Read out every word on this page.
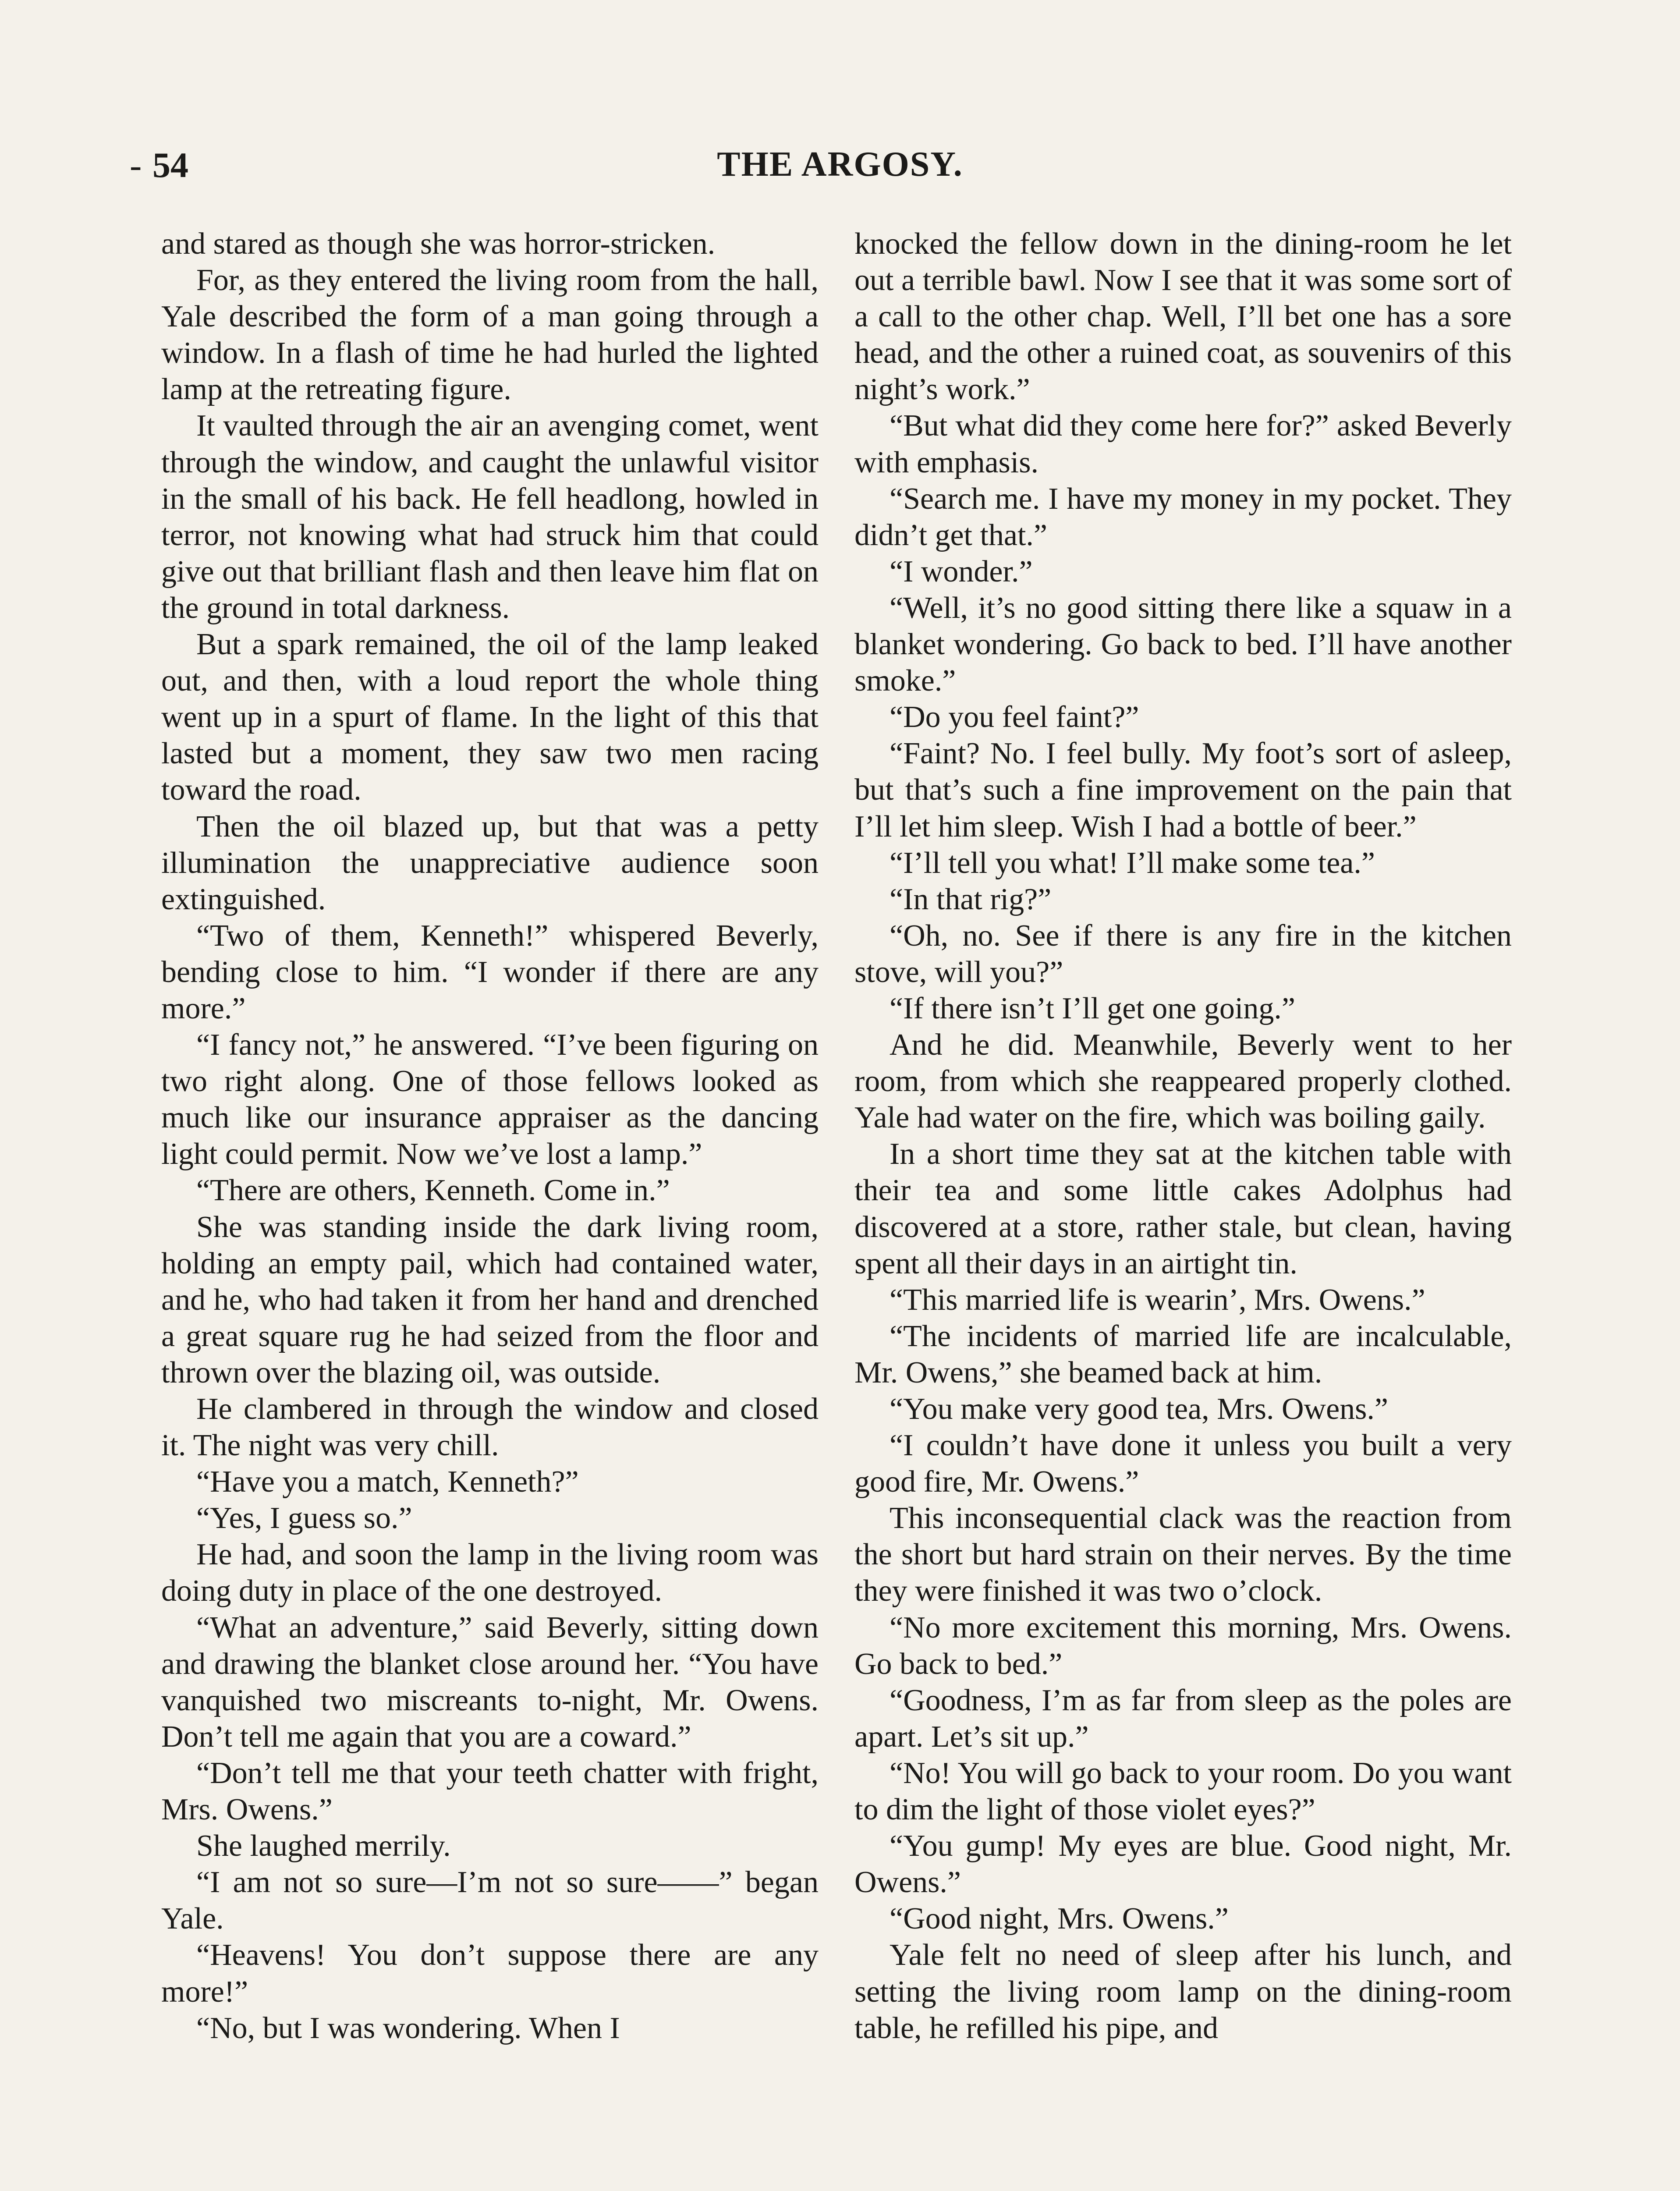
- 54	THE ARGOSY.

and stared as though she was horror-stricken.

For, as they entered the living room from the hall, Yale described the form of a man going through a window. In a flash of time he had hurled the lighted lamp at the retreating figure.

It vaulted through the air an avenging comet, went through the window, and caught the unlawful visitor in the small of his back. He fell headlong, howled in terror, not knowing what had struck him that could give out that brilliant flash and then leave him flat on the ground in total darkness.

But a spark remained, the oil of the lamp leaked out, and then, with a loud report the whole thing went up in a spurt of flame. In the light of this that lasted but a moment, they saw two men racing toward the road.

Then the oil blazed up, but that was a petty illumination the unappreciative audience soon extinguished.

“Two of them, Kenneth!” whispered Beverly, bending close to him. “I wonder if there are any more.”

“I fancy not,” he answered. “I’ve been figuring on two right along. One of those fellows looked as much like our insurance appraiser as the dancing light could permit. Now we’ve lost a lamp.”

“There are others, Kenneth. Come in.”

She was standing inside the dark living room, holding an empty pail, which had contained water, and he, who had taken it from her hand and drenched a great square rug he had seized from the floor and thrown over the blazing oil, was outside.

He clambered in through the window and closed it. The night was very chill.

“Have you a match, Kenneth?”

“Yes, I guess so.”

He had, and soon the lamp in the living room was doing duty in place of the one destroyed.

“What an adventure,” said Beverly, sitting down and drawing the blanket close around her. “You have vanquished two miscreants to-night, Mr. Owens. Don’t tell me again that you are a coward.”

“Don’t tell me that your teeth chatter with fright, Mrs. Owens.”

She laughed merrily.

“I am not so sure—I’m not so sure——” began Yale.

“Heavens! You don’t suppose there are any more!”

“No, but I was wondering. When I

knocked the fellow down in the dining-room he let out a terrible bawl. Now I see that it was some sort of a call to the other chap. Well, I’ll bet one has a sore head, and the other a ruined coat, as souvenirs of this night’s work.”

“But what did they come here for?” asked Beverly with emphasis.

“Search me. I have my money in my pocket. They didn’t get that.”

“I wonder.”

“Well, it’s no good sitting there like a squaw in a blanket wondering. Go back to bed. I’ll have another smoke.”

“Do you feel faint?”

“Faint? No. I feel bully. My foot’s sort of asleep, but that’s such a fine improvement on the pain that I’ll let him sleep. Wish I had a bottle of beer.”

“I’ll tell you what! I’ll make some tea.”

“In that rig?”

“Oh, no. See if there is any fire in the kitchen stove, will you?”

“If there isn’t I’ll get one going.”

And he did. Meanwhile, Beverly went to her room, from which she reappeared properly clothed. Yale had water on the fire, which was boiling gaily.

In a short time they sat at the kitchen table with their tea and some little cakes Adolphus had discovered at a store, rather stale, but clean, having spent all their days in an airtight tin.

“This married life is wearin’, Mrs. Owens.”

“The incidents of married life are incalculable, Mr. Owens,” she beamed back at him.

“You make very good tea, Mrs. Owens.”

“I couldn’t have done it unless you built a very good fire, Mr. Owens.”

This inconsequential clack was the reaction from the short but hard strain on their nerves. By the time they were finished it was two o’clock.

“No more excitement this morning, Mrs. Owens. Go back to bed.”

“Goodness, I’m as far from sleep as the poles are apart. Let’s sit up.”

“No! You will go back to your room. Do you want to dim the light of those violet eyes?”

“You gump! My eyes are blue. Good night, Mr. Owens.”

“Good night, Mrs. Owens.”

Yale felt no need of sleep after his lunch, and setting the living room lamp on the dining-room table, he refilled his pipe, and
